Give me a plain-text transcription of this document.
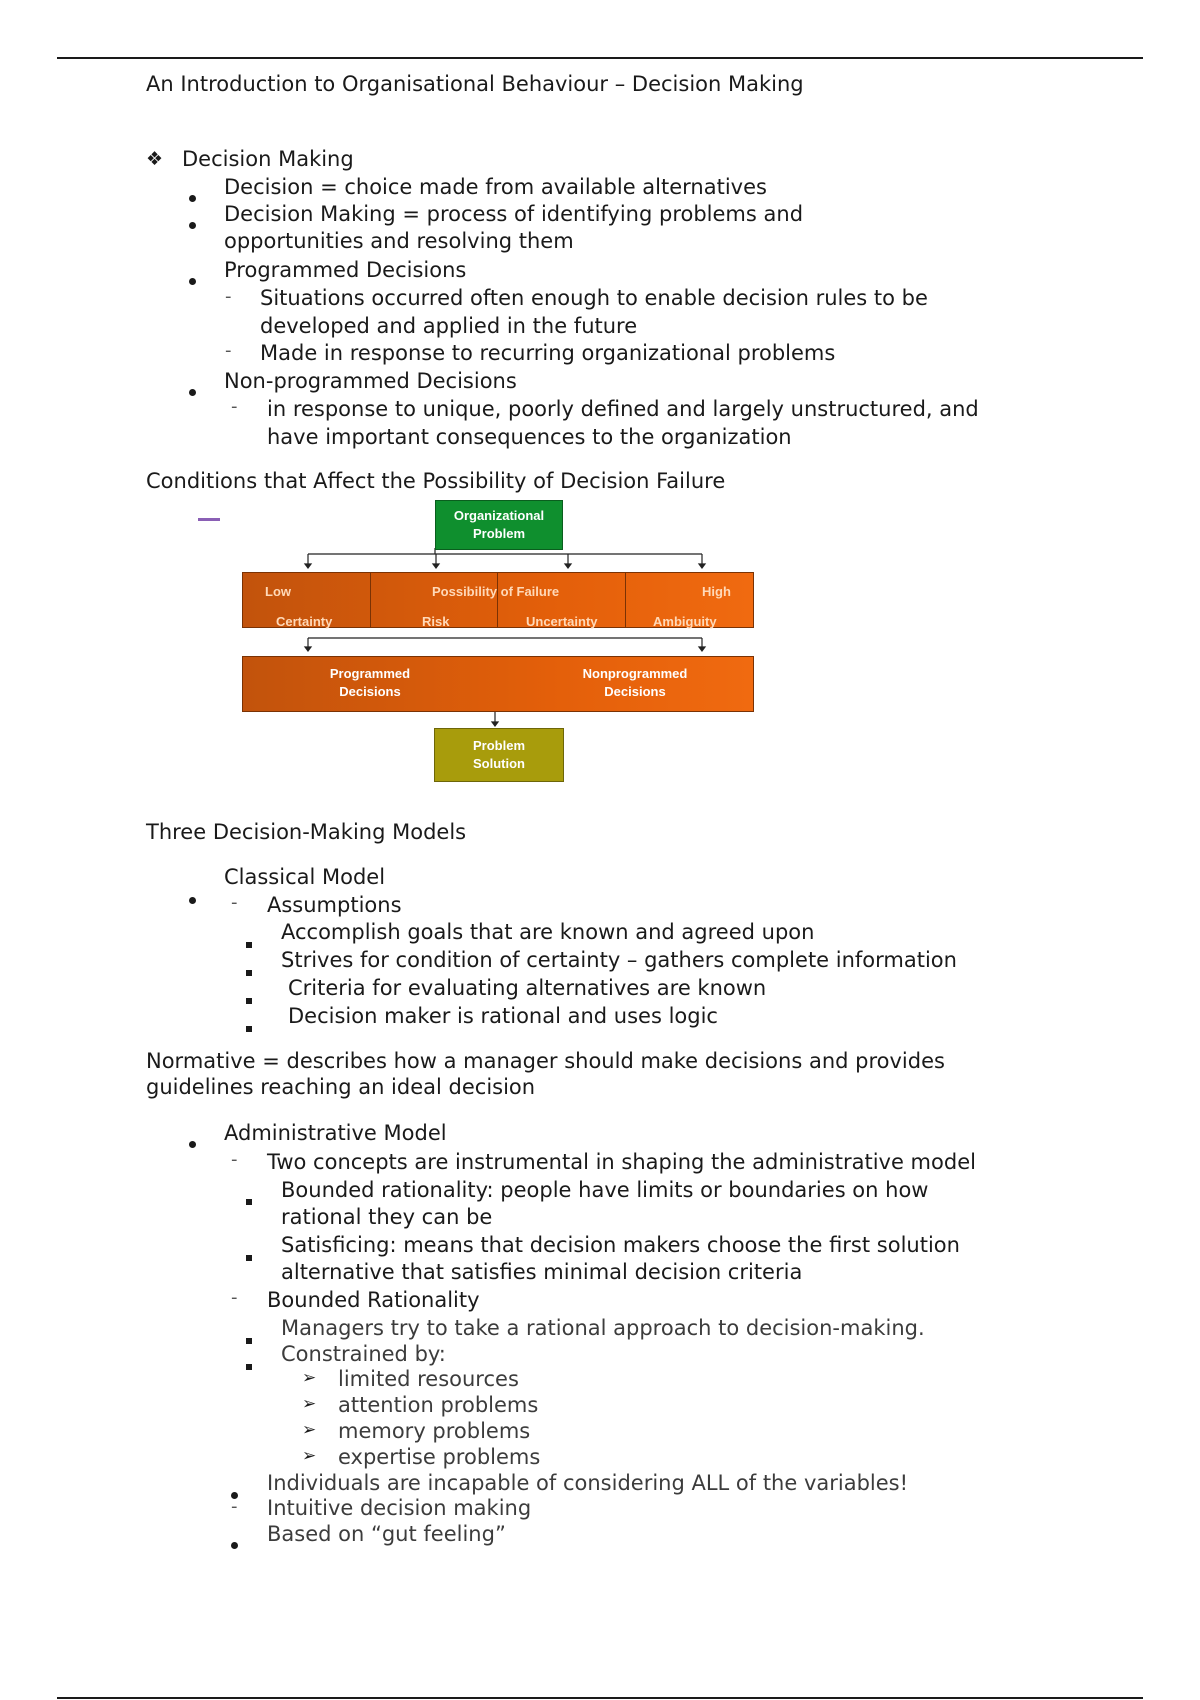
An Introduction to Organisational Behaviour – Decision Making
❖ Decision Making
Decision = choice made from available alternatives
Decision Making = process of identifying problems and
opportunities and resolving them
Programmed Decisions
- Situations occurred often enough to enable decision rules to be
developed and applied in the future
- Made in response to recurring organizational problems
Non-programmed Decisions
- in response to unique, poorly defined and largely unstructured, and
have important consequences to the organization
Conditions that Affect the Possibility of Decision Failure
Organizational
Problem
Low	Possibility of Failure	High
Certainty	Risk	Uncertainty	Ambiguity
Programmed
Decisions
Nonprogrammed
Decisions
Problem
Solution
Three Decision-Making Models
Classical Model
- Assumptions
Accomplish goals that are known and agreed upon
Strives for condition of certainty – gathers complete information
Criteria for evaluating alternatives are known
Decision maker is rational and uses logic
Normative = describes how a manager should make decisions and provides
guidelines reaching an ideal decision
Administrative Model
- Two concepts are instrumental in shaping the administrative model
Bounded rationality: people have limits or boundaries on how
rational they can be
Satisficing: means that decision makers choose the first solution
alternative that satisfies minimal decision criteria
- Bounded Rationality
Managers try to take a rational approach to decision-making.
Constrained by:
➢ limited resources
➢ attention problems
➢ memory problems
➢ expertise problems
Individuals are incapable of considering ALL of the variables!
- Intuitive decision making
Based on “gut feeling”
